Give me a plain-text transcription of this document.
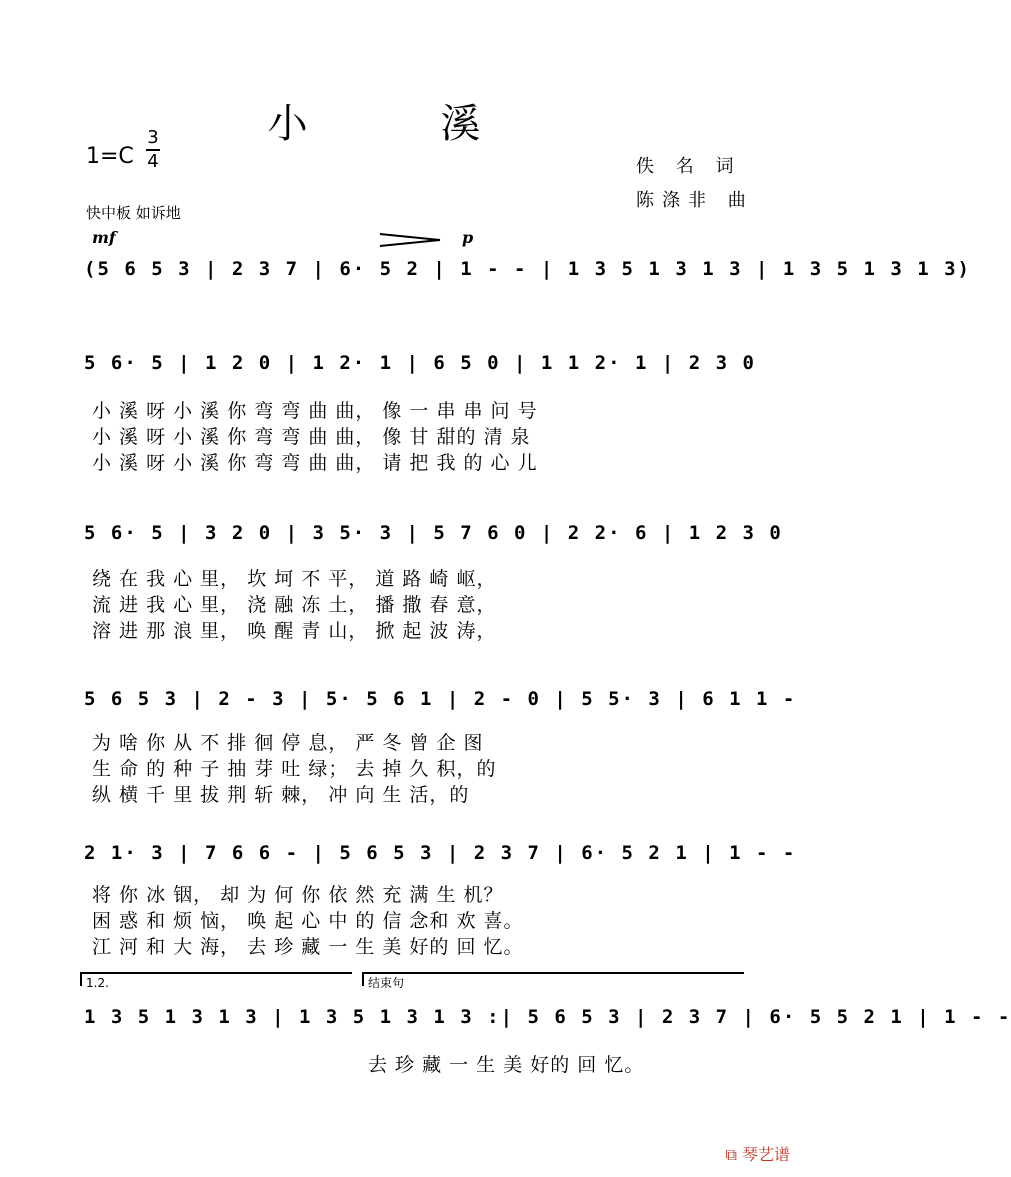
小 溪
1=C
3
4	佚 名 词
陈涤非 曲
快中板 如诉地
mf	p
(5 6 5 3 | 2 3 7 | 6· 5 2 | 1 - - | 1 3 5 1 3 1 3 | 1 3 5 1 3 1 3)
5 6· 5 | 1 2 0 | 1 2· 1 | 6 5 0 | 1 1 2· 1 | 2 3 0
小 溪 呀 小 溪 你 弯 弯 曲 曲， 像 一 串 串 问 号
小 溪 呀 小 溪 你 弯 弯 曲 曲， 像 甘 甜的 清 泉
小 溪 呀 小 溪 你 弯 弯 曲 曲， 请 把 我 的 心 儿
5 6· 5 | 3 2 0 | 3 5· 3 | 5 7 6 0 | 2 2· 6 | 1 2 3 0
绕 在 我 心 里， 坎 坷 不 平， 道 路 崎 岖，
流 进 我 心 里， 浇 融 冻 土， 播 撒 春 意，
溶 进 那 浪 里， 唤 醒 青 山， 掀 起 波 涛，
5 6 5 3 | 2 - 3 | 5· 5 6 1 | 2 - 0 | 5 5· 3 | 6 1 1 -
为 啥 你 从 不 排 徊 停 息， 严 冬 曾 企 图
生 命 的 种 子 抽 芽 吐 绿； 去 掉 久 积，的
纵 横 千 里 拔 荆 斩 棘， 冲 向 生 活，的
2 1· 3 | 7 6 6 - | 5 6 5 3 | 2 3 7 | 6· 5 2 1 | 1 - -
将 你 冰 铟， 却 为 何 你 依 然 充 满 生 机？
困 惑 和 烦 恼， 唤 起 心 中 的 信 念和 欢 喜。
江 河 和 大 海， 去 珍 藏 一 生 美 好的 回 忆。
1.2.	结束句
1 3 5 1 3 1 3 | 1 3 5 1 3 1 3 :| 5 6 5 3 | 2 3 7 | 6· 5 5 2 1 | 1 - -
去 珍 藏 一 生 美 好的 回 忆。
⧉ 琴艺谱
